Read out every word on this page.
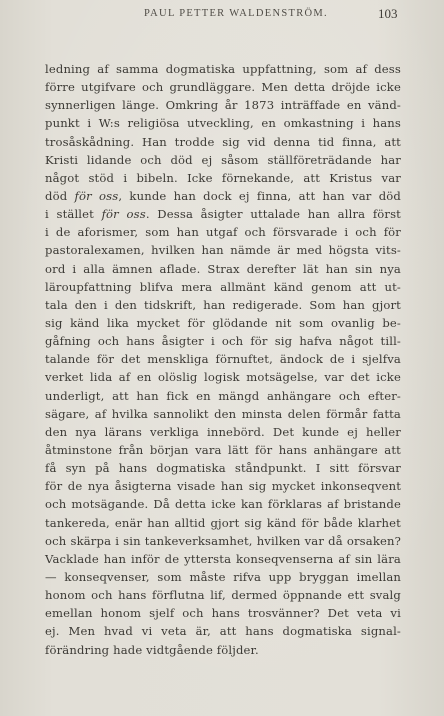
PAUL PETTER WALDENSTRÖM.	103
ledning af samma dogmatiska uppfattning, som af dess
förre utgifvare och grundläggare. Men detta dröjde icke
synnerligen länge. Omkring år 1873 inträffade en vänd-
punkt i W:s religiösa utveckling, en omkastning i hans
trosåskådning. Han trodde sig vid denna tid finna, att
Kristi lidande och död ej såsom ställföreträdande har
något stöd i bibeln. Icke förnekande, att Kristus var
död för oss, kunde han dock ej finna, att han var död
i stället för oss. Dessa åsigter uttalade han allra först
i de aforismer, som han utgaf och försvarade i och för
pastoralexamen, hvilken han nämde är med högsta vits-
ord i alla ämnen aflade. Strax derefter lät han sin nya
läroupfattning blifva mera allmänt känd genom att ut-
tala den i den tidskrift, han redigerade. Som han gjort
sig känd lika mycket för glödande nit som ovanlig be-
gåfning och hans åsigter i och för sig hafva något till-
talande för det menskliga förnuftet, ändock de i sjelfva
verket lida af en olöslig logisk motsägelse, var det icke
underligt, att han fick en mängd anhängare och efter-
sägare, af hvilka sannolikt den minsta delen förmår fatta
den nya lärans verkliga innebörd. Det kunde ej heller
åtminstone från början vara lätt för hans anhängare att
få syn på hans dogmatiska ståndpunkt. I sitt försvar
för de nya åsigterna visade han sig mycket inkonseqvent
och motsägande. Då detta icke kan förklaras af bristande
tankereda, enär han alltid gjort sig känd för både klarhet
och skärpa i sin tankeverksamhet, hvilken var då orsaken?
Vacklade han inför de yttersta konseqvenserna af sin lära
— konseqvenser, som måste rifva upp bryggan imellan
honom och hans förflutna lif, dermed öppnande ett svalg
emellan honom sjelf och hans trosvänner? Det veta vi
ej. Men hvad vi veta är, att hans dogmatiska signal-
förändring hade vidtgående följder.
